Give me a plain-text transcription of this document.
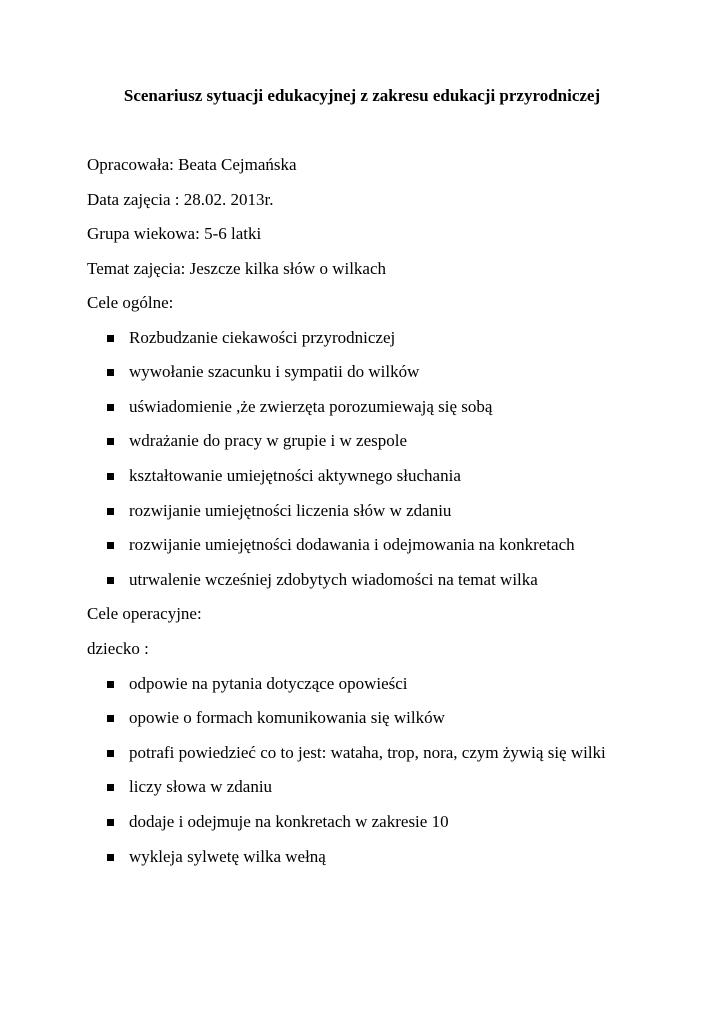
Scenariusz sytuacji edukacyjnej z zakresu edukacji przyrodniczej
Opracowała: Beata Cejmańska
Data zajęcia : 28.02. 2013r.
Grupa wiekowa: 5-6 latki
Temat zajęcia: Jeszcze kilka słów o wilkach
Cele ogólne:
Rozbudzanie ciekawości przyrodniczej
wywołanie szacunku i sympatii do wilków
uświadomienie ,że zwierzęta porozumiewają się sobą
wdrażanie do pracy w grupie i w zespole
kształtowanie umiejętności aktywnego słuchania
rozwijanie umiejętności liczenia słów w zdaniu
rozwijanie umiejętności dodawania i odejmowania na konkretach
utrwalenie wcześniej zdobytych wiadomości na temat wilka
Cele operacyjne:
dziecko :
odpowie na pytania dotyczące opowieści
opowie o formach komunikowania się wilków
potrafi powiedzieć co to jest: wataha, trop, nora, czym żywią się wilki
liczy słowa w zdaniu
dodaje i odejmuje na konkretach w zakresie 10
wykleja sylwetę wilka wełną
